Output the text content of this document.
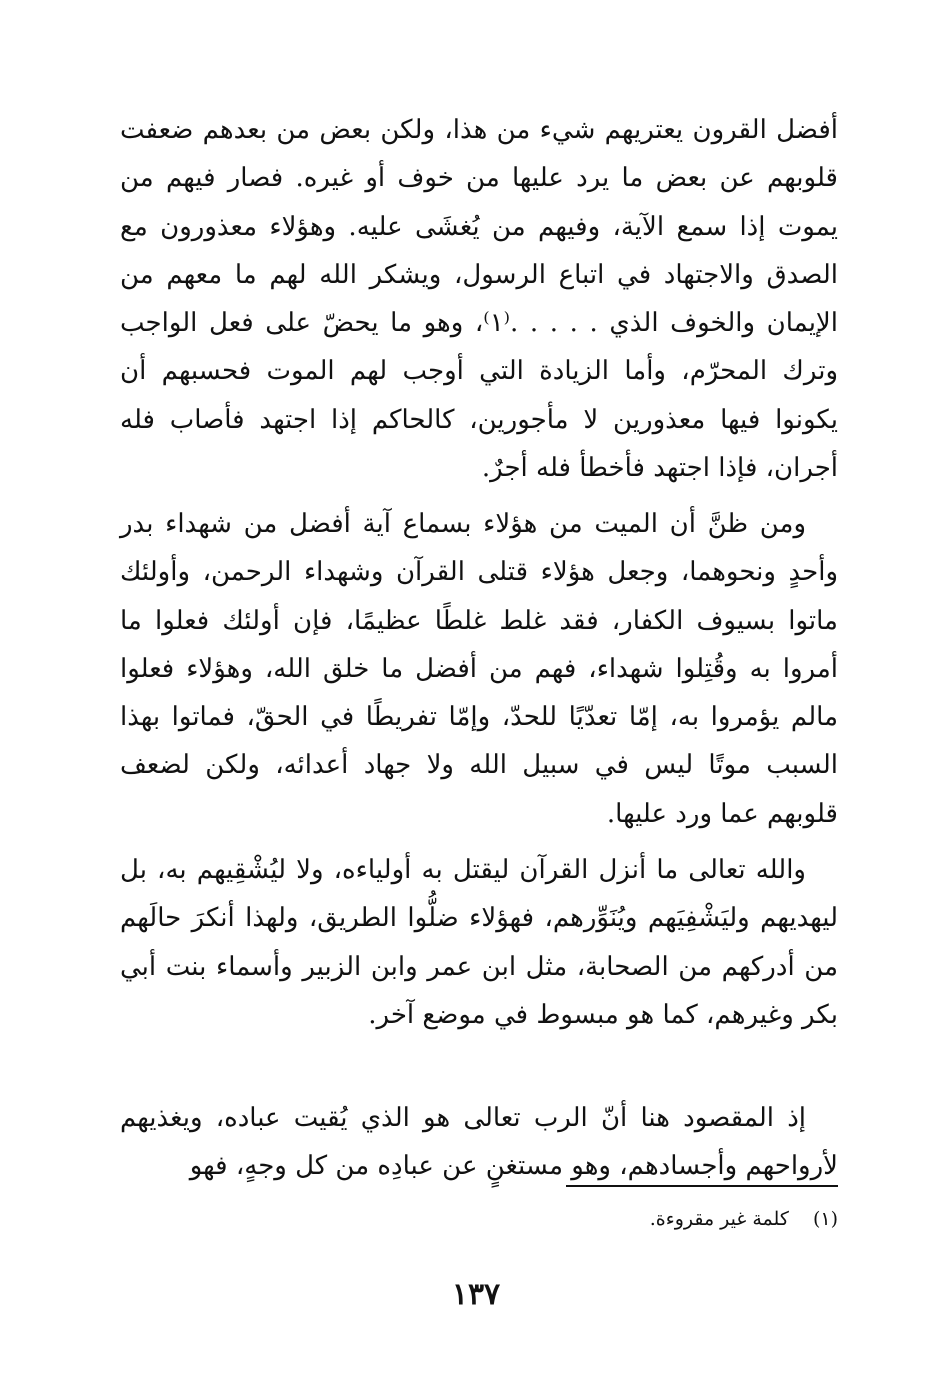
أفضل القرون يعتريهم شيء من هذا، ولكن بعض من بعدهم ضعفت قلوبهم عن بعض ما يرد عليها من خوف أو غيره. فصار فيهم من يموت إذا سمع الآية، وفيهم من يُغشَى عليه. وهؤلاء معذورون مع الصدق والاجتهاد في اتباع الرسول، ويشكر الله لهم ما معهم من الإيمان والخوف الذي . . . . .⁽١⁾، وهو ما يحضّ على فعل الواجب وترك المحرّم، وأما الزيادة التي أوجب لهم الموت فحسبهم أن يكونوا فيها معذورين لا مأجورين، كالحاكم إذا اجتهد فأصاب فله أجران، فإذا اجتهد فأخطأ فله أجرٌ.

ومن ظنَّ أن الميت من هؤلاء بسماع آية أفضل من شهداء بدر وأحدٍ ونحوهما، وجعل هؤلاء قتلى القرآن وشهداء الرحمن، وأولئك ماتوا بسيوف الكفار، فقد غلط غلطًا عظيمًا، فإن أولئك فعلوا ما أمروا به وقُتِلوا شهداء، فهم من أفضل ما خلق الله، وهؤلاء فعلوا مالم يؤمروا به، إمّا تعدّيًا للحدّ، وإمّا تفريطًا في الحقّ، فماتوا بهذا السبب موتًا ليس في سبيل الله ولا جهاد أعدائه، ولكن لضعف قلوبهم عما ورد عليها.

والله تعالى ما أنزل القرآن ليقتل به أولياءه، ولا ليُشْقِيهم به، بل ليهديهم وليَشْفِيَهم ويُنَوِّرهم، فهؤلاء ضلُّوا الطريق، ولهذا أنكرَ حالَهم من أدركهم من الصحابة، مثل ابن عمر وابن الزبير وأسماء بنت أبي بكر وغيرهم، كما هو مبسوط في موضع آخر.

إذ المقصود هنا أنّ الرب تعالى هو الذي يُقيت عباده، ويغذيهم لأرواحهم وأجسادهم، وهو مستغنٍ عن عبادِه من كل وجهٍ، فهو

(١) كلمة غير مقروءة.
١٣٧
